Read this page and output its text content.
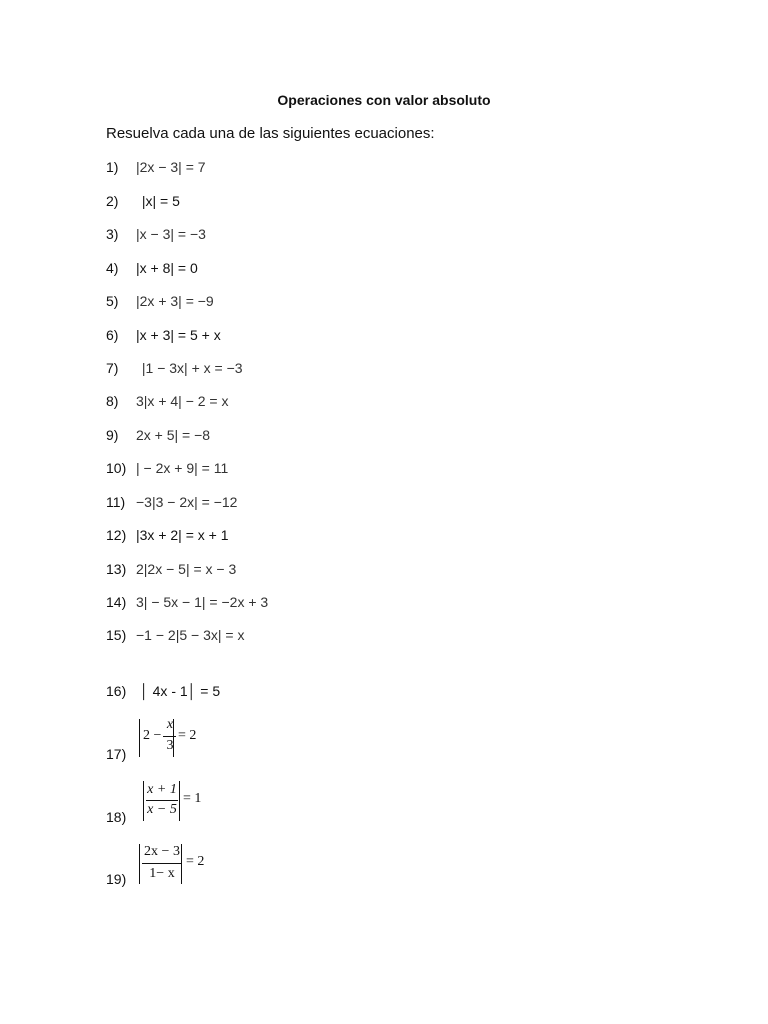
Operaciones con valor absoluto
Resuelva cada una de las siguientes ecuaciones:
1) |2x − 3| = 7
2) |x| = 5
3) |x − 3| = −3
4) |x + 8| = 0
5) |2x + 3| = −9
6) |x + 3| = 5 + x
7) |1 − 3x| + x = −3
8) 3|x + 4| − 2 = x
9) 2x + 5| = −8
10) | − 2x + 9| = 11
11) −3|3 − 2x| = −12
12) |3x + 2| = x + 1
13) 2|2x − 5| = x − 3
14) 3| − 5x − 1| = −2x + 3
15) −1 − 2|5 − 3x| = x
16) │ 4x - 1│ = 5
17)
2 −
x
3
= 2
18)
x + 1
x − 5
= 1
19)
2x − 3
1− x
= 2
